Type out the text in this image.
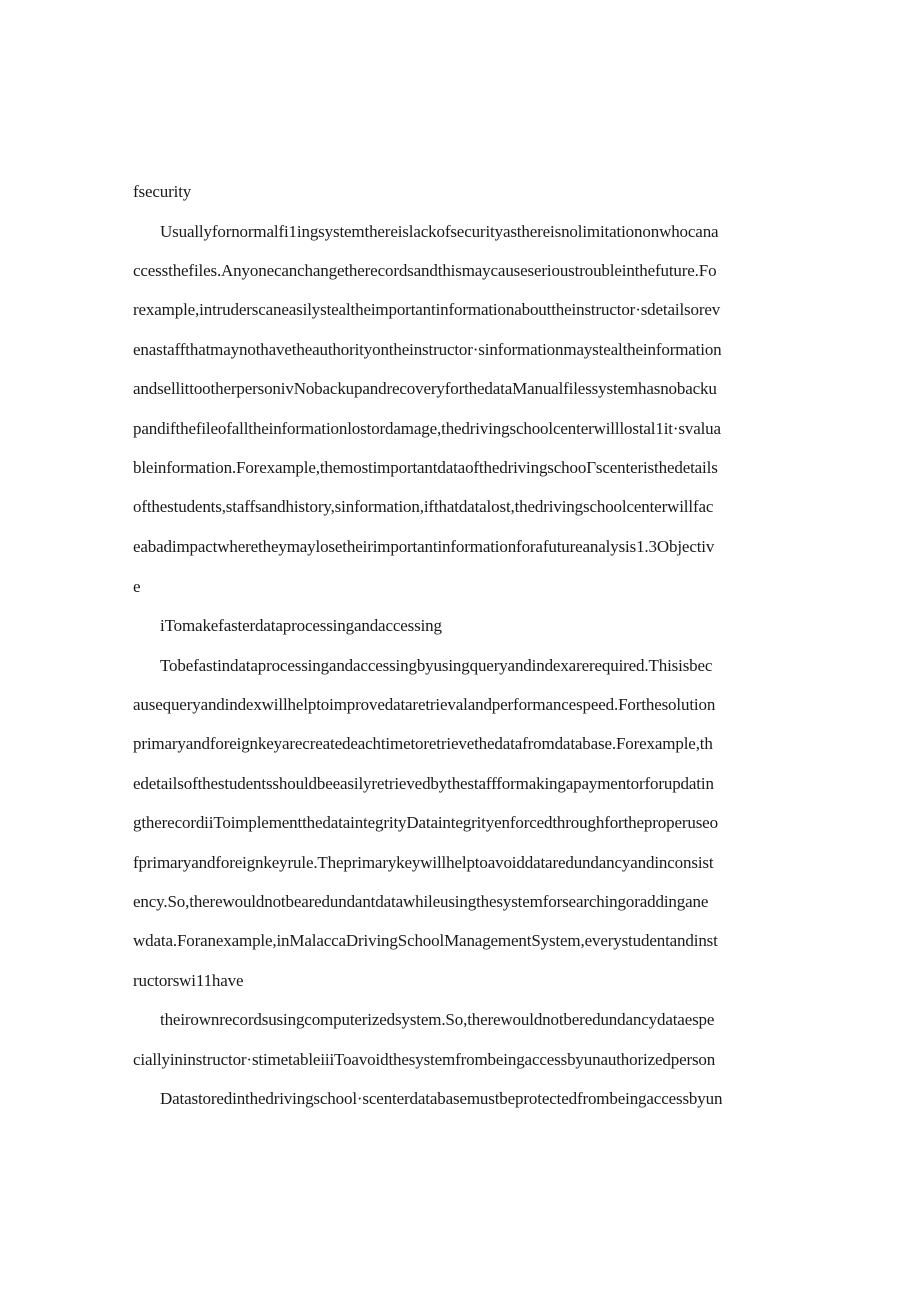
fsecurity
Usuallyfornormalfi1ingsystemthereislackofsecurityasthereisnolimitationonwhocana
ccessthefiles.Anyonecanchangetherecordsandthismaycauseserioustroubleinthefuture.Fo
rexample,intruderscaneasilystealtheimportantinformationabouttheinstructor·sdetailsorev
enastaffthatmaynothavetheauthorityontheinstructor·sinformationmaystealtheinformation
andsellittootherpersonivNobackupandrecoveryforthedataManualfilessystemhasnobacku
pandifthefileofalltheinformationlostordamage,thedrivingschoolcenterwilllostal1it·svalua
bleinformation.Forexample,themostimportantdataofthedrivingschooΓscenteristhedetails
ofthestudents,staffsandhistory,sinformation,ifthatdatalost,thedrivingschoolcenterwillfac
eabadimpactwheretheymaylosetheirimportantinformationforafutureanalysis1.3Objectiv
e
iTomakefasterdataprocessingandaccessing
Tobefastindataprocessingandaccessingbyusingqueryandindexarerequired.Thisisbec
ausequeryandindexwillhelptoimprovedataretrievalandperformancespeed.Forthesolution
primaryandforeignkeyarecreatedeachtimetoretrievethedatafromdatabase.Forexample,th
edetailsofthestudentsshouldbeeasilyretrievedbythestaffformakingapaymentorforupdatin
gtherecordiiToimplementthedataintegrityDataintegrityenforcedthroughfortheproperuseo
fprimaryandforeignkeyrule.Theprimarykeywillhelptoavoiddataredundancyandinconsist
ency.So,therewouldnotbearedundantdatawhileusingthesystemforsearchingoraddingane
wdata.Foranexample,inMalaccaDrivingSchoolManagementSystem,everystudentandinst
ructorswi11have
theirownrecordsusingcomputerizedsystem.So,therewouldnotberedundancydataespe
ciallyininstructor·stimetableiiiToavoidthesystemfrombeingaccessbyunauthorizedperson
Datastoredinthedrivingschool·scenterdatabasemustbeprotectedfrombeingaccessbyun
